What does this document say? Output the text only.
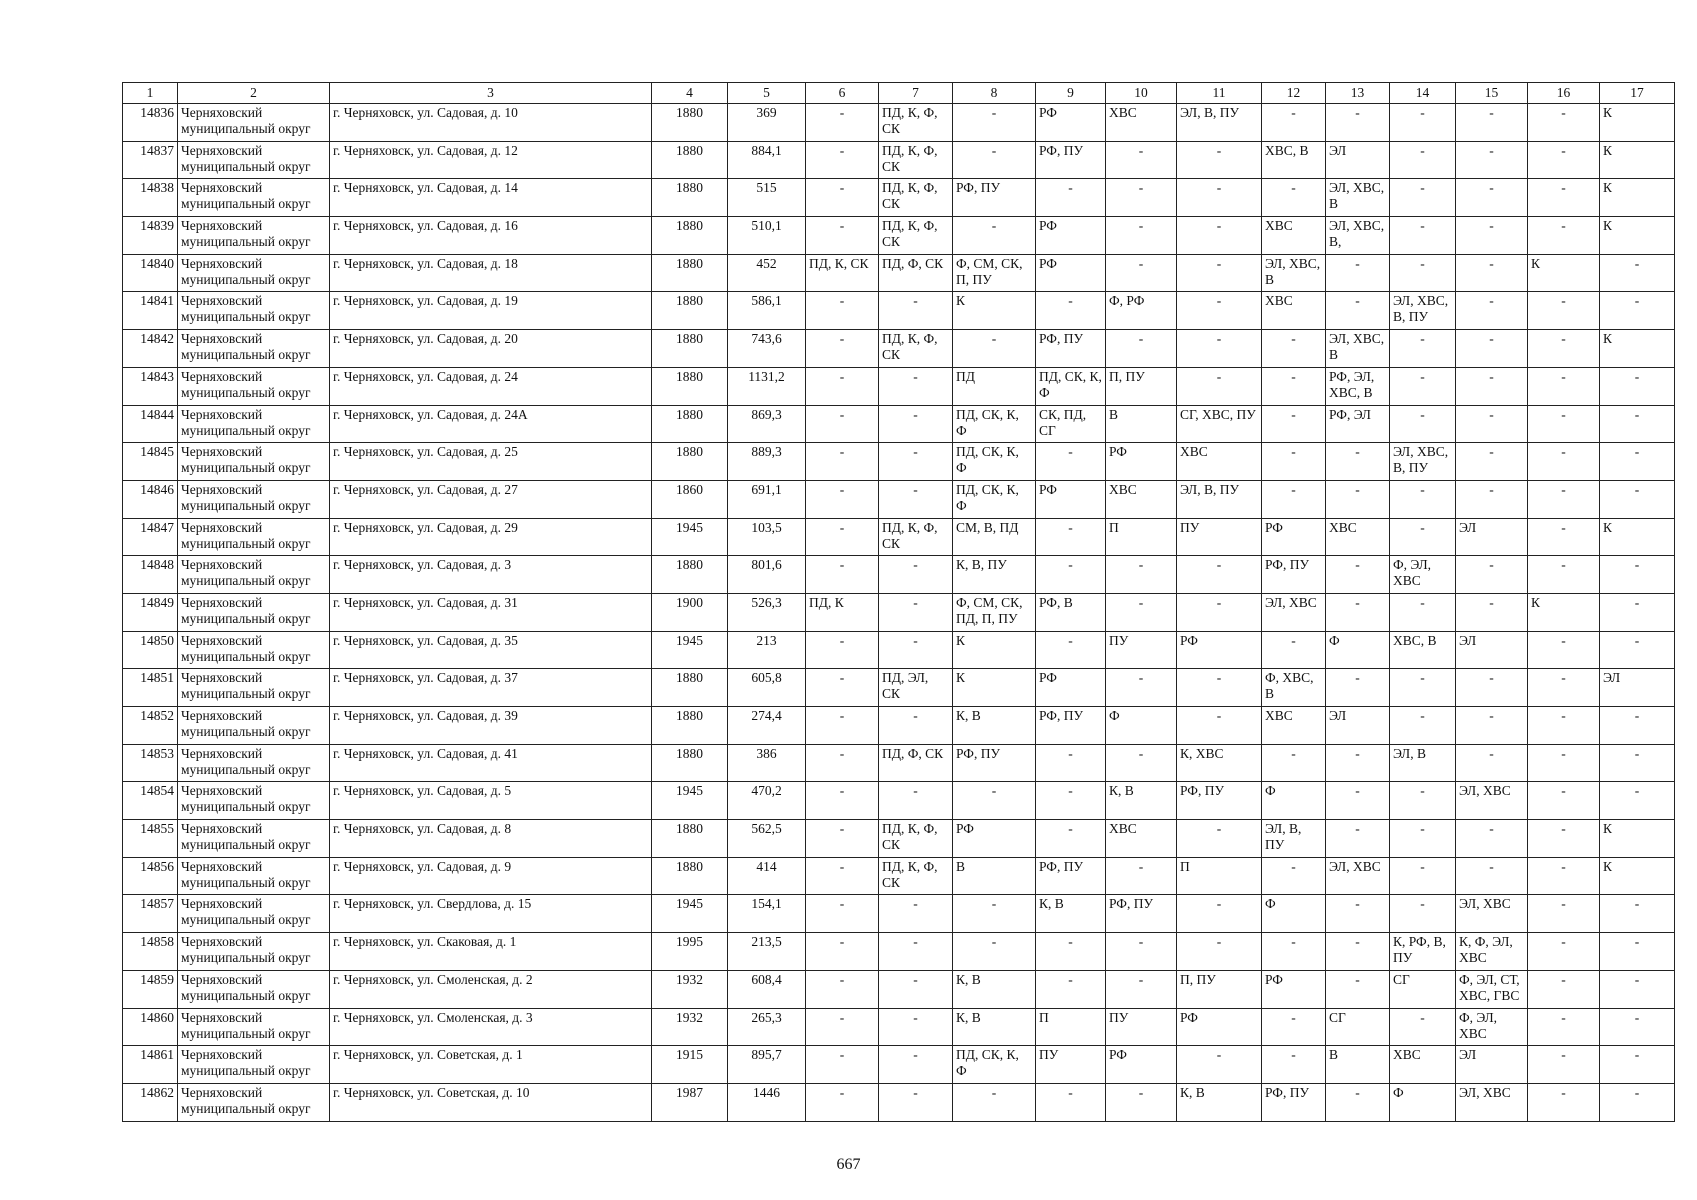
1	2	3	4	5	6	7	8	9	10	11	12	13	14	15	16	17
14836	Черняховский муниципальный округ	г. Черняховск, ул. Садовая, д. 10	1880	369	-	ПД, К, Ф, СК	-	РФ	ХВС	ЭЛ, В, ПУ	-	-	-	-	-	К
14837	Черняховский муниципальный округ	г. Черняховск, ул. Садовая, д. 12	1880	884,1	-	ПД, К, Ф, СК	-	РФ, ПУ	-	-	ХВС, В	ЭЛ	-	-	-	К
14838	Черняховский муниципальный округ	г. Черняховск, ул. Садовая, д. 14	1880	515	-	ПД, К, Ф, СК	РФ, ПУ	-	-	-	-	ЭЛ, ХВС, В	-	-	-	К
14839	Черняховский муниципальный округ	г. Черняховск, ул. Садовая, д. 16	1880	510,1	-	ПД, К, Ф, СК	-	РФ	-	-	ХВС	ЭЛ, ХВС, В,	-	-	-	К
14840	Черняховский муниципальный округ	г. Черняховск, ул. Садовая, д. 18	1880	452	ПД, К, СК	ПД, Ф, СК	Ф, СМ, СК, П, ПУ	РФ	-	-	ЭЛ, ХВС, В	-	-	-	К	-
14841	Черняховский муниципальный округ	г. Черняховск, ул. Садовая, д. 19	1880	586,1	-	-	К	-	Ф, РФ	-	ХВС	-	ЭЛ, ХВС, В, ПУ	-	-	-
14842	Черняховский муниципальный округ	г. Черняховск, ул. Садовая, д. 20	1880	743,6	-	ПД, К, Ф, СК	-	РФ, ПУ	-	-	-	ЭЛ, ХВС, В	-	-	-	К
14843	Черняховский муниципальный округ	г. Черняховск, ул. Садовая, д. 24	1880	1131,2	-	-	ПД	ПД, СК, К, Ф	П, ПУ	-	-	РФ, ЭЛ, ХВС, В	-	-	-	-
14844	Черняховский муниципальный округ	г. Черняховск, ул. Садовая, д. 24А	1880	869,3	-	-	ПД, СК, К, Ф	СК, ПД, СГ	В	СГ, ХВС, ПУ	-	РФ, ЭЛ	-	-	-	-
14845	Черняховский муниципальный округ	г. Черняховск, ул. Садовая, д. 25	1880	889,3	-	-	ПД, СК, К, Ф	-	РФ	ХВС	-	-	ЭЛ, ХВС, В, ПУ	-	-	-
14846	Черняховский муниципальный округ	г. Черняховск, ул. Садовая, д. 27	1860	691,1	-	-	ПД, СК, К, Ф	РФ	ХВС	ЭЛ, В, ПУ	-	-	-	-	-	-
14847	Черняховский муниципальный округ	г. Черняховск, ул. Садовая, д. 29	1945	103,5	-	ПД, К, Ф, СК	СМ, В, ПД	-	П	ПУ	РФ	ХВС	-	ЭЛ	-	К
14848	Черняховский муниципальный округ	г. Черняховск, ул. Садовая, д. 3	1880	801,6	-	-	К, В, ПУ	-	-	-	РФ, ПУ	-	Ф, ЭЛ, ХВС	-	-	-
14849	Черняховский муниципальный округ	г. Черняховск, ул. Садовая, д. 31	1900	526,3	ПД, К	-	Ф, СМ, СК, ПД, П, ПУ	РФ, В	-	-	ЭЛ, ХВС	-	-	-	К	-
14850	Черняховский муниципальный округ	г. Черняховск, ул. Садовая, д. 35	1945	213	-	-	К	-	ПУ	РФ	-	Ф	ХВС, В	ЭЛ	-	-
14851	Черняховский муниципальный округ	г. Черняховск, ул. Садовая, д. 37	1880	605,8	-	ПД, ЭЛ, СК	К	РФ	-	-	Ф, ХВС, В	-	-	-	-	ЭЛ
14852	Черняховский муниципальный округ	г. Черняховск, ул. Садовая, д. 39	1880	274,4	-	-	К, В	РФ, ПУ	Ф	-	ХВС	ЭЛ	-	-	-	-
14853	Черняховский муниципальный округ	г. Черняховск, ул. Садовая, д. 41	1880	386	-	ПД, Ф, СК	РФ, ПУ	-	-	К, ХВС	-	-	ЭЛ, В	-	-	-
14854	Черняховский муниципальный округ	г. Черняховск, ул. Садовая, д. 5	1945	470,2	-	-	-	-	К, В	РФ, ПУ	Ф	-	-	ЭЛ, ХВС	-	-
14855	Черняховский муниципальный округ	г. Черняховск, ул. Садовая, д. 8	1880	562,5	-	ПД, К, Ф, СК	РФ	-	ХВС	-	ЭЛ, В, ПУ	-	-	-	-	К
14856	Черняховский муниципальный округ	г. Черняховск, ул. Садовая, д. 9	1880	414	-	ПД, К, Ф, СК	В	РФ, ПУ	-	П	-	ЭЛ, ХВС	-	-	-	К
14857	Черняховский муниципальный округ	г. Черняховск, ул. Свердлова, д. 15	1945	154,1	-	-	-	К, В	РФ, ПУ	-	Ф	-	-	ЭЛ, ХВС	-	-
14858	Черняховский муниципальный округ	г. Черняховск, ул. Скаковая, д. 1	1995	213,5	-	-	-	-	-	-	-	-	К, РФ, В, ПУ	К, Ф, ЭЛ, ХВС	-	-
14859	Черняховский муниципальный округ	г. Черняховск, ул. Смоленская, д. 2	1932	608,4	-	-	К, В	-	-	П, ПУ	РФ	-	СГ	Ф, ЭЛ, СТ, ХВС, ГВС	-	-
14860	Черняховский муниципальный округ	г. Черняховск, ул. Смоленская, д. 3	1932	265,3	-	-	К, В	П	ПУ	РФ	-	СГ	-	Ф, ЭЛ, ХВС	-	-
14861	Черняховский муниципальный округ	г. Черняховск, ул. Советская, д. 1	1915	895,7	-	-	ПД, СК, К, Ф	ПУ	РФ	-	-	В	ХВС	ЭЛ	-	-
14862	Черняховский муниципальный округ	г. Черняховск, ул. Советская, д. 10	1987	1446	-	-	-	-	-	К, В	РФ, ПУ	-	Ф	ЭЛ, ХВС	-	-
667
